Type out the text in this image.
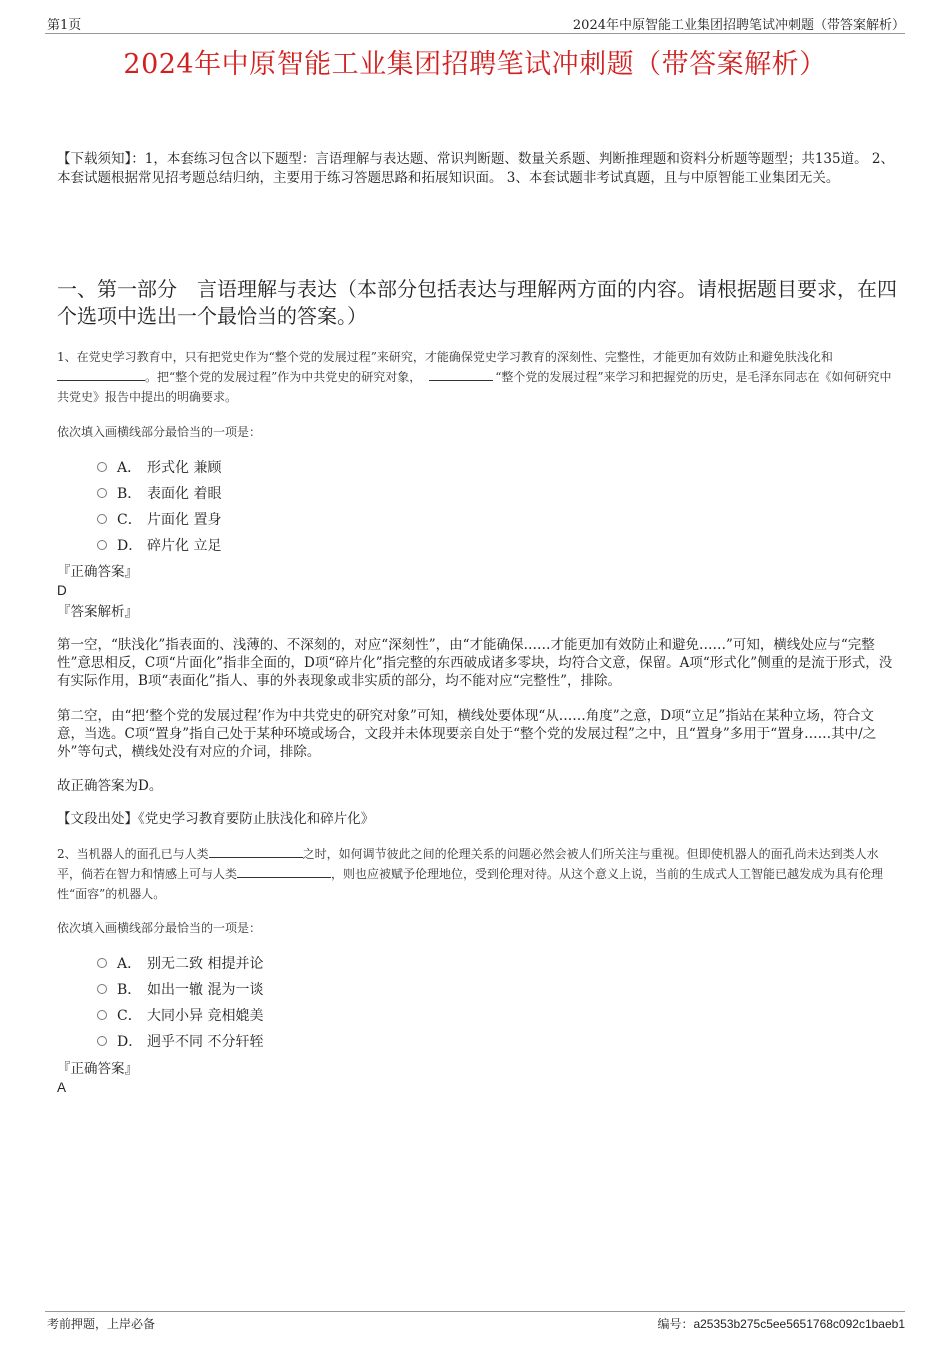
第1页	2024年中原智能工业集团招聘笔试冲刺题（带答案解析）
2024年中原智能工业集团招聘笔试冲刺题（带答案解析）
【下载须知】：1，本套练习包含以下题型：言语理解与表达题、常识判断题、数量关系题、判断推理题和资料分析题等题型；共135道。 2、本套试题根据常见招考题总结归纳，主要用于练习答题思路和拓展知识面。 3、本套试题非考试真题，且与中原智能工业集团无关。
一、第一部分　言语理解与表达（本部分包括表达与理解两方面的内容。请根据题目要求，在四个选项中选出一个最恰当的答案。）
1、在党史学习教育中，只有把党史作为“整个党的发展过程”来研究，才能确保党史学习教育的深刻性、完整性，才能更加有效防止和避免肤浅化和。把“整个党的发展过程”作为中共党史的研究对象，	“整个党的发展过程”来学习和把握党的历史，是毛泽东同志在《如何研究中共党史》报告中提出的明确要求。
依次填入画横线部分最恰当的一项是：
A． 形式化 兼顾
B． 表面化 着眼
C． 片面化 置身
D． 碎片化 立足
『正确答案』
D
『答案解析』
第一空，“肤浅化”指表面的、浅薄的、不深刻的，对应“深刻性”，由“才能确保……才能更加有效防止和避免……”可知，横线处应与“完整性”意思相反，C项“片面化”指非全面的，D项“碎片化”指完整的东西破成诸多零块，均符合文意，保留。A项“形式化”侧重的是流于形式，没有实际作用，B项“表面化”指人、事的外表现象或非实质的部分，均不能对应“完整性”，排除。
第二空，由“把‘整个党的发展过程’作为中共党史的研究对象”可知，横线处要体现“从……角度”之意，D项“立足”指站在某种立场，符合文意，当选。C项“置身”指自己处于某种环境或场合，文段并未体现要亲自处于“整个党的发展过程”之中，且“置身”多用于“置身……其中/之外”等句式，横线处没有对应的介词，排除。
故正确答案为D。
【文段出处】《党史学习教育要防止肤浅化和碎片化》
2、当机器人的面孔已与人类	之时，如何调节彼此之间的伦理关系的问题必然会被人们所关注与重视。但即使机器人的面孔尚未达到类人水平，倘若在智力和情感上可与人类	，则也应被赋予伦理地位，受到伦理对待。从这个意义上说，当前的生成式人工智能已越发成为具有伦理性“面容”的机器人。
依次填入画横线部分最恰当的一项是：
A． 别无二致 相提并论
B． 如出一辙 混为一谈
C． 大同小异 竞相媲美
D． 迥乎不同 不分轩轾
『正确答案』
A
考前押题，上岸必备	编号：a25353b275c5ee5651768c092c1baeb1
